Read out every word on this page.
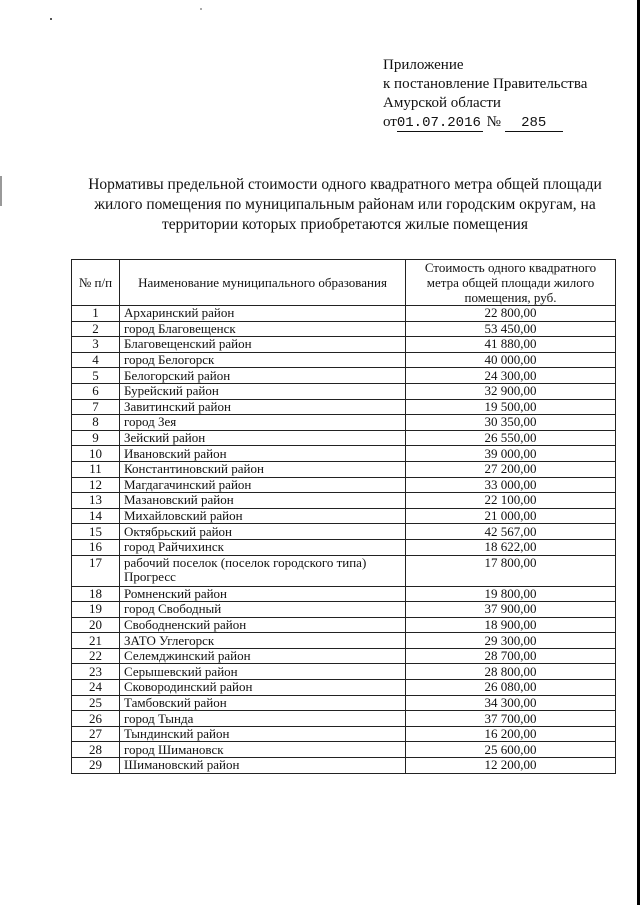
Приложение
к постановление Правительства
Амурской области
от01.07.2016 № 285
Нормативы предельной стоимости одного квадратного метра общей площади жилого помещения по муниципальным районам или городским округам, на территории которых приобретаются жилые помещения
№ п/п	Наименование муниципального образования	Стоимость одного квадратного метра общей площади жилого помещения, руб.
1	Архаринский район	22 800,00
2	город Благовещенск	53 450,00
3	Благовещенский район	41 880,00
4	город Белогорск	40 000,00
5	Белогорский район	24 300,00
6	Бурейский район	32 900,00
7	Завитинский район	19 500,00
8	город Зея	30 350,00
9	Зейский район	26 550,00
10	Ивановский район	39 000,00
11	Константиновский район	27 200,00
12	Магдагачинский район	33 000,00
13	Мазановский район	22 100,00
14	Михайловский район	21 000,00
15	Октябрьский район	42 567,00
16	город Райчихинск	18 622,00
17	рабочий поселок (поселок городского типа) Прогресс	17 800,00
18	Ромненский район	19 800,00
19	город Свободный	37 900,00
20	Свободненский район	18 900,00
21	ЗАТО Углегорск	29 300,00
22	Селемджинский район	28 700,00
23	Серышевский район	28 800,00
24	Сковородинский район	26 080,00
25	Тамбовский район	34 300,00
26	город Тында	37 700,00
27	Тындинский район	16 200,00
28	город Шимановск	25 600,00
29	Шимановский район	12 200,00
